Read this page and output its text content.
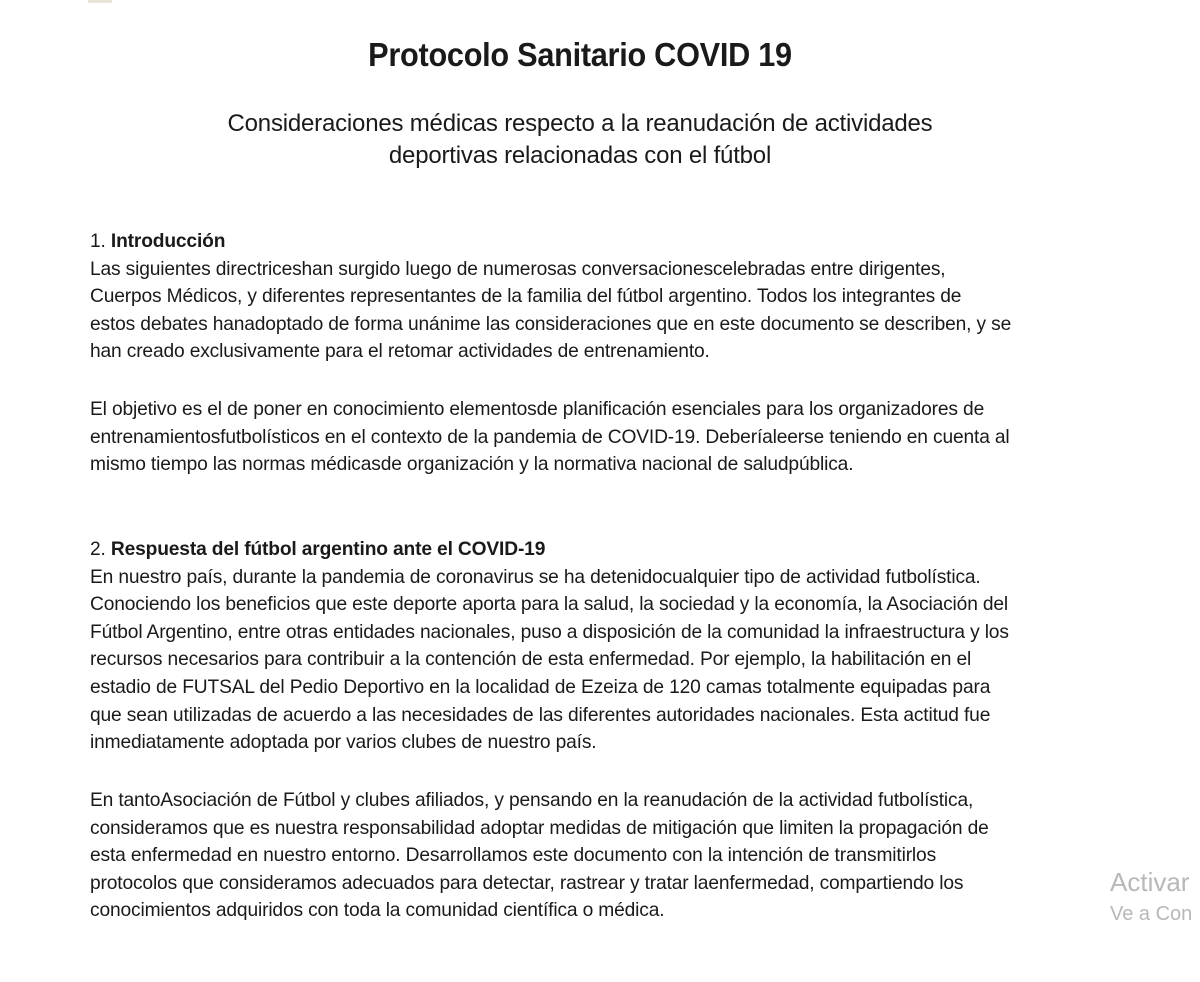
Protocolo Sanitario COVID 19
Consideraciones médicas respecto a la reanudación de actividades
deportivas relacionadas con el fútbol
1. Introducción
Las siguientes directriceshan surgido luego de numerosas conversacionescelebradas entre dirigentes,
Cuerpos Médicos, y diferentes representantes de la familia del fútbol argentino. Todos los integrantes de
estos debates hanadoptado de forma unánime las consideraciones que en este documento se describen, y se
han creado exclusivamente para el retomar actividades de entrenamiento.
El objetivo es el de poner en conocimiento elementosde planificación esenciales para los organizadores de
entrenamientosfutbolísticos en el contexto de la pandemia de COVID-19. Deberíaleerse teniendo en cuenta al
mismo tiempo las normas médicasde organización y la normativa nacional de saludpública.
2. Respuesta del fútbol argentino ante el COVID-19
En nuestro país, durante la pandemia de coronavirus se ha detenidocualquier tipo de actividad futbolística.
Conociendo los beneficios que este deporte aporta para la salud, la sociedad y la economía, la Asociación del
Fútbol Argentino, entre otras entidades nacionales, puso a disposición de la comunidad la infraestructura y los
recursos necesarios para contribuir a la contención de esta enfermedad. Por ejemplo, la habilitación en el
estadio de FUTSAL del Pedio Deportivo en la localidad de Ezeiza de 120 camas totalmente equipadas para
que sean utilizadas de acuerdo a las necesidades de las diferentes autoridades nacionales. Esta actitud fue
inmediatamente adoptada por varios clubes de nuestro país.
En tantoAsociación de Fútbol y clubes afiliados, y pensando en la reanudación de la actividad futbolística,
consideramos que es nuestra responsabilidad adoptar medidas de mitigación que limiten la propagación de
esta enfermedad en nuestro entorno. Desarrollamos este documento con la intención de transmitirlos
protocolos que consideramos adecuados para detectar, rastrear y tratar laenfermedad, compartiendo los
conocimientos adquiridos con toda la comunidad científica o médica.
Activar
Ve a Con
